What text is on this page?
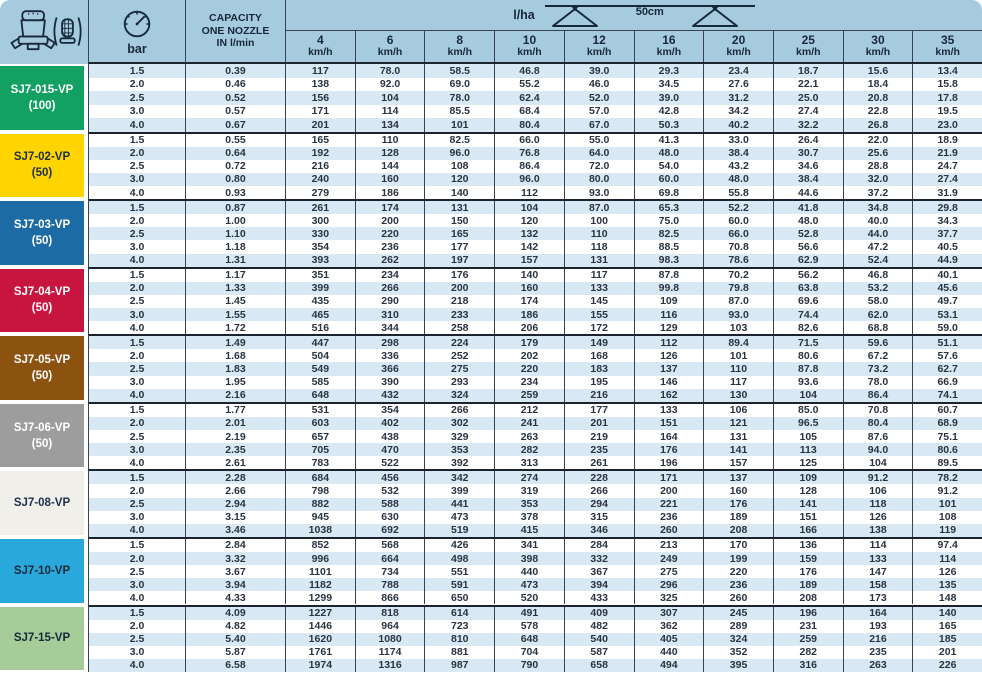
bar
CAPACITY
ONE NOZZLE
IN l/min
l/ha	50cm
4
km/h
6
km/h
8
km/h
10
km/h
12
km/h
16
km/h
20
km/h
25
km/h
30
km/h
35
km/h
SJ7-015-VP
(100)
1.5	0.39	117	78.0	58.5	46.8	39.0	29.3	23.4	18.7	15.6	13.4
2.0	0.46	138	92.0	69.0	55.2	46.0	34.5	27.6	22.1	18.4	15.8
2.5	0.52	156	104	78.0	62.4	52.0	39.0	31.2	25.0	20.8	17.8
3.0	0.57	171	114	85.5	68.4	57.0	42.8	34.2	27.4	22.8	19.5
4.0	0.67	201	134	101	80.4	67.0	50.3	40.2	32.2	26.8	23.0
SJ7-02-VP
(50)
1.5	0.55	165	110	82.5	66.0	55.0	41.3	33.0	26.4	22.0	18.9
2.0	0.64	192	128	96.0	76.8	64.0	48.0	38.4	30.7	25.6	21.9
2.5	0.72	216	144	108	86.4	72.0	54.0	43.2	34.6	28.8	24.7
3.0	0.80	240	160	120	96.0	80.0	60.0	48.0	38.4	32.0	27.4
4.0	0.93	279	186	140	112	93.0	69.8	55.8	44.6	37.2	31.9
SJ7-03-VP
(50)
1.5	0.87	261	174	131	104	87.0	65.3	52.2	41.8	34.8	29.8
2.0	1.00	300	200	150	120	100	75.0	60.0	48.0	40.0	34.3
2.5	1.10	330	220	165	132	110	82.5	66.0	52.8	44.0	37.7
3.0	1.18	354	236	177	142	118	88.5	70.8	56.6	47.2	40.5
4.0	1.31	393	262	197	157	131	98.3	78.6	62.9	52.4	44.9
SJ7-04-VP
(50)
1.5	1.17	351	234	176	140	117	87.8	70.2	56.2	46.8	40.1
2.0	1.33	399	266	200	160	133	99.8	79.8	63.8	53.2	45.6
2.5	1.45	435	290	218	174	145	109	87.0	69.6	58.0	49.7
3.0	1.55	465	310	233	186	155	116	93.0	74.4	62.0	53.1
4.0	1.72	516	344	258	206	172	129	103	82.6	68.8	59.0
SJ7-05-VP
(50)
1.5	1.49	447	298	224	179	149	112	89.4	71.5	59.6	51.1
2.0	1.68	504	336	252	202	168	126	101	80.6	67.2	57.6
2.5	1.83	549	366	275	220	183	137	110	87.8	73.2	62.7
3.0	1.95	585	390	293	234	195	146	117	93.6	78.0	66.9
4.0	2.16	648	432	324	259	216	162	130	104	86.4	74.1
SJ7-06-VP
(50)
1.5	1.77	531	354	266	212	177	133	106	85.0	70.8	60.7
2.0	2.01	603	402	302	241	201	151	121	96.5	80.4	68.9
2.5	2.19	657	438	329	263	219	164	131	105	87.6	75.1
3.0	2.35	705	470	353	282	235	176	141	113	94.0	80.6
4.0	2.61	783	522	392	313	261	196	157	125	104	89.5
SJ7-08-VP
1.5	2.28	684	456	342	274	228	171	137	109	91.2	78.2
2.0	2.66	798	532	399	319	266	200	160	128	106	91.2
2.5	2.94	882	588	441	353	294	221	176	141	118	101
3.0	3.15	945	630	473	378	315	236	189	151	126	108
4.0	3.46	1038	692	519	415	346	260	208	166	138	119
SJ7-10-VP
1.5	2.84	852	568	426	341	284	213	170	136	114	97.4
2.0	3.32	996	664	498	398	332	249	199	159	133	114
2.5	3.67	1101	734	551	440	367	275	220	176	147	126
3.0	3.94	1182	788	591	473	394	296	236	189	158	135
4.0	4.33	1299	866	650	520	433	325	260	208	173	148
SJ7-15-VP
1.5	4.09	1227	818	614	491	409	307	245	196	164	140
2.0	4.82	1446	964	723	578	482	362	289	231	193	165
2.5	5.40	1620	1080	810	648	540	405	324	259	216	185
3.0	5.87	1761	1174	881	704	587	440	352	282	235	201
4.0	6.58	1974	1316	987	790	658	494	395	316	263	226
